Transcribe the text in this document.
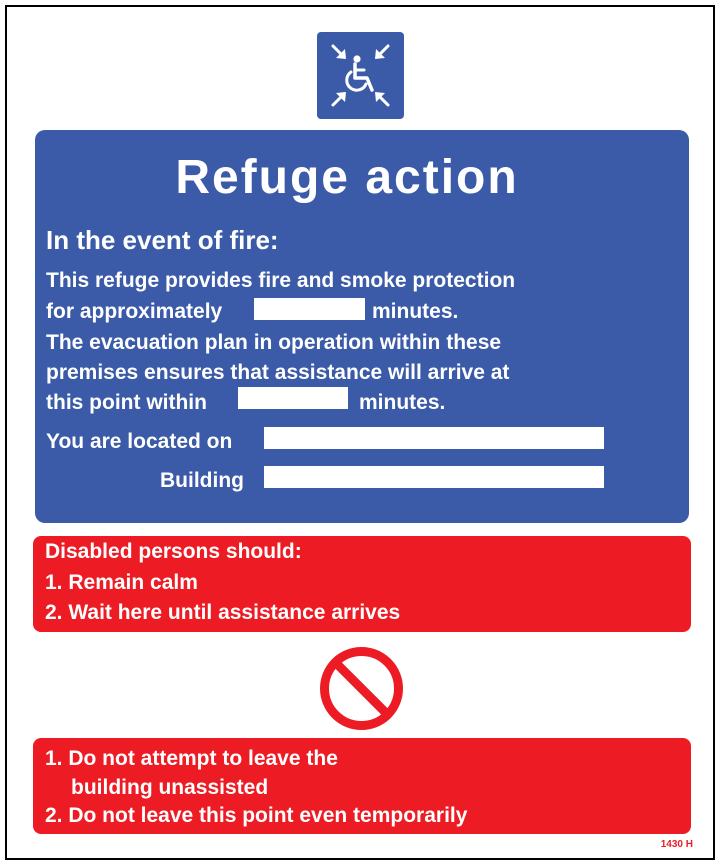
Refuge action
In the event of fire:
This refuge provides fire and smoke protection
for approximately	minutes.
The evacuation plan in operation within these
premises ensures that assistance will arrive at
this point within	minutes.
You are located on
Building
Disabled persons should:
1. Remain calm
2. Wait here until assistance arrives
1. Do not attempt to leave the
building unassisted
2. Do not leave this point even temporarily
1430 H
